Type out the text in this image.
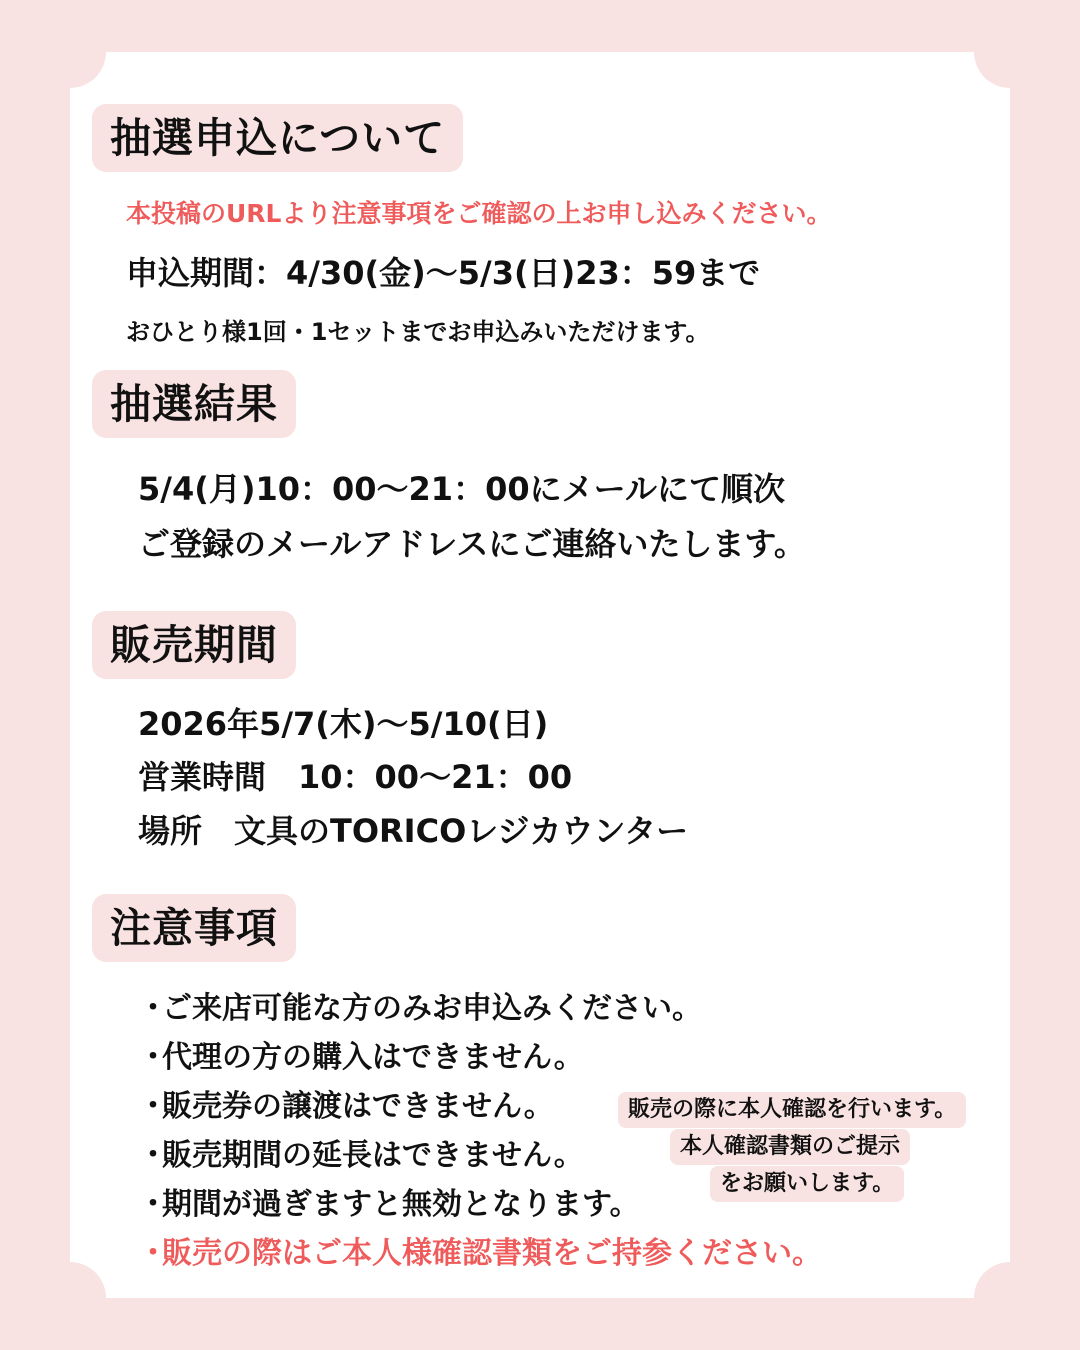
抽選申込について
本投稿のURLより注意事項をご確認の上お申し込みください。
申込期間：4/30(金)〜5/3(日)23：59まで
おひとり様1回・1セットまでお申込みいただけます。
抽選結果
5/4(月)10：00〜21：00にメールにて順次
ご登録のメールアドレスにご連絡いたします。
販売期間
2026年5/7(木)〜5/10(日)
営業時間　10：00〜21：00
場所　文具のTORICOレジカウンター
注意事項
・ご来店可能な方のみお申込みください。
・代理の方の購入はできません。
・販売券の譲渡はできません。
・販売期間の延長はできません。
・期間が過ぎますと無効となります。
・販売の際はご本人様確認書類をご持参ください。
販売の際に本人確認を行います。
本人確認書類のご提示
をお願いします。
